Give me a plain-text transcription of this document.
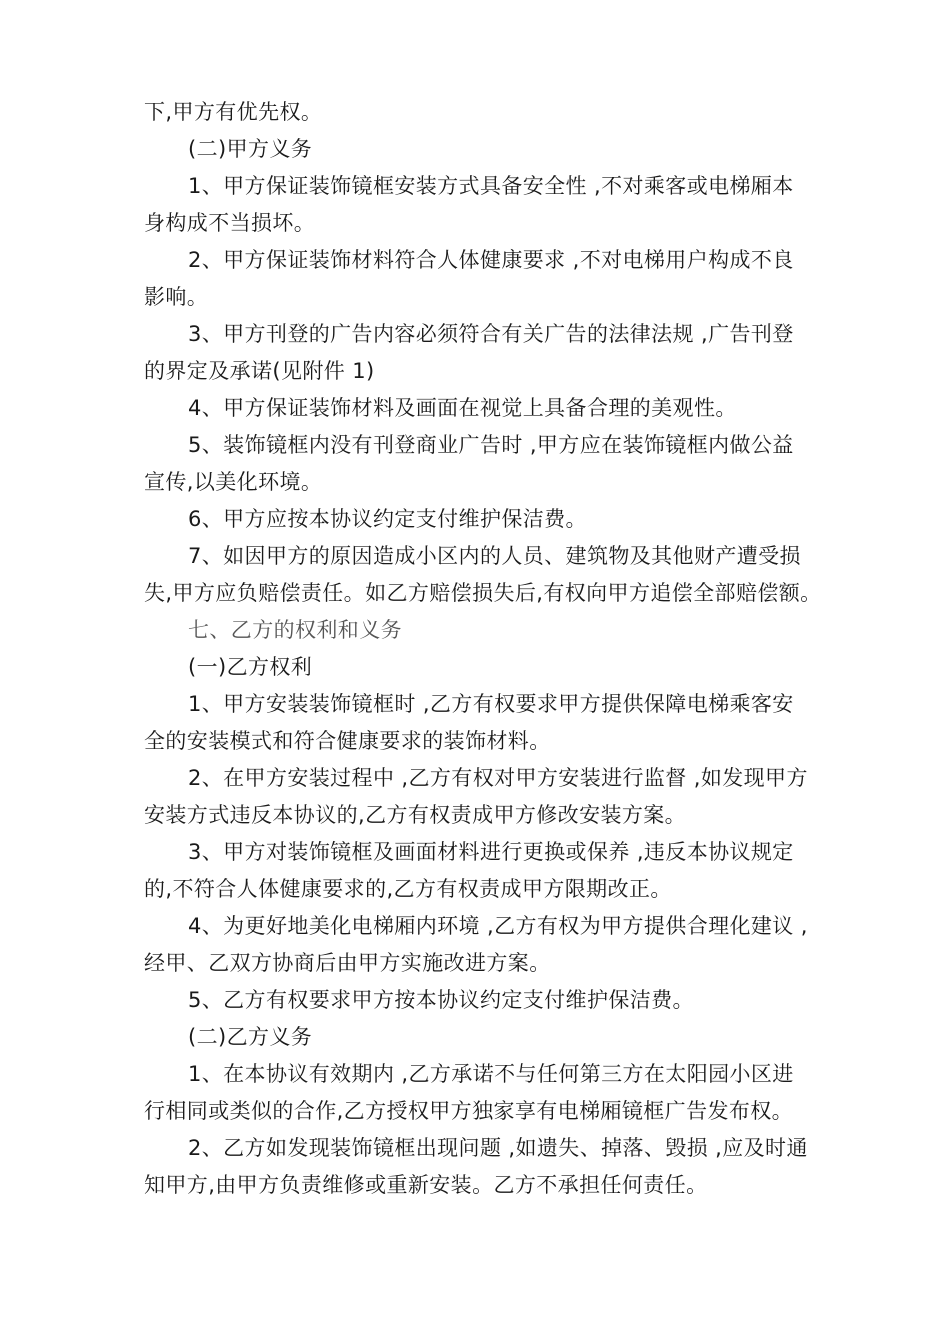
下,甲方有优先权。
(二)甲方义务
1、甲方保证装饰镜框安装方式具备安全性 ,不对乘客或电梯厢本
身构成不当损坏。
2、甲方保证装饰材料符合人体健康要求 ,不对电梯用户构成不良
影响。
3、甲方刊登的广告内容必须符合有关广告的法律法规 ,广告刊登
的界定及承诺(见附件 1)
4、甲方保证装饰材料及画面在视觉上具备合理的美观性。
5、装饰镜框内没有刊登商业广告时 ,甲方应在装饰镜框内做公益
宣传,以美化环境。
6、甲方应按本协议约定支付维护保洁费。
7、如因甲方的原因造成小区内的人员、建筑物及其他财产遭受损
失,甲方应负赔偿责任。如乙方赔偿损失后,有权向甲方追偿全部赔偿额。
七、乙方的权利和义务
(一)乙方权利
1、甲方安装装饰镜框时 ,乙方有权要求甲方提供保障电梯乘客安
全的安装模式和符合健康要求的装饰材料。
2、在甲方安装过程中 ,乙方有权对甲方安装进行监督 ,如发现甲方
安装方式违反本协议的,乙方有权责成甲方修改安装方案。
3、甲方对装饰镜框及画面材料进行更换或保养 ,违反本协议规定
的,不符合人体健康要求的,乙方有权责成甲方限期改正。
4、为更好地美化电梯厢内环境 ,乙方有权为甲方提供合理化建议 ,
经甲、乙双方协商后由甲方实施改进方案。
5、乙方有权要求甲方按本协议约定支付维护保洁费。
(二)乙方义务
1、在本协议有效期内 ,乙方承诺不与任何第三方在太阳园小区进
行相同或类似的合作,乙方授权甲方独家享有电梯厢镜框广告发布权。
2、乙方如发现装饰镜框出现问题 ,如遗失、掉落、毁损 ,应及时通
知甲方,由甲方负责维修或重新安装。乙方不承担任何责任。
